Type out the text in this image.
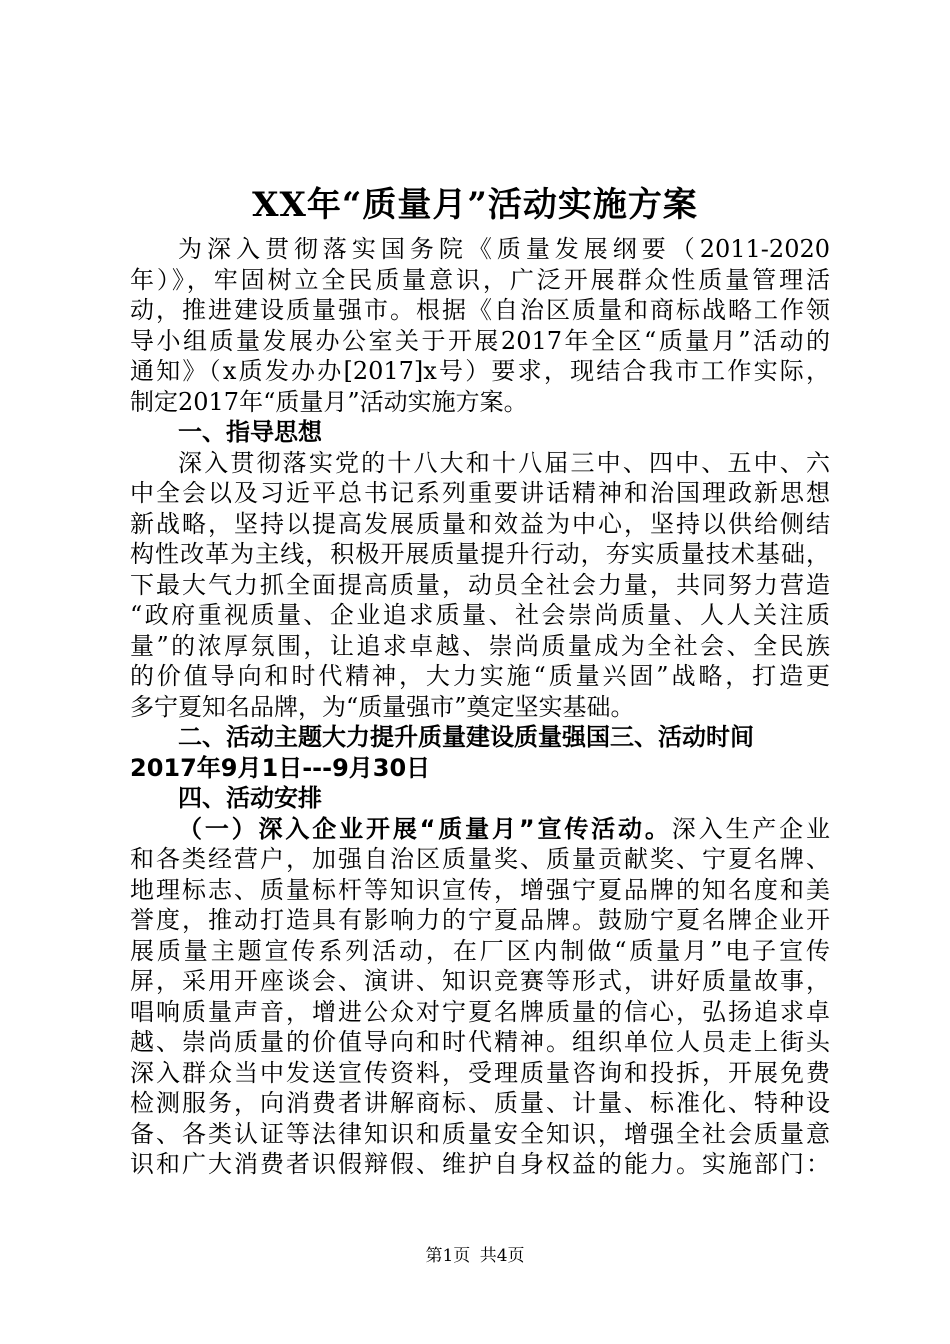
XX年“质量月”活动实施方案
为深入贯彻落实国务院《质量发展纲要（2011-2020
年）》，牢固树立全民质量意识，广泛开展群众性质量管理活
动，推进建设质量强市。根据《自治区质量和商标战略工作领
导小组质量发展办公室关于开展2017年全区“质量月”活动的
通知》（x质发办办[2017]x号）要求，现结合我市工作实际，
制定2017年“质量月”活动实施方案。
一、指导思想
深入贯彻落实党的十八大和十八届三中、四中、五中、六
中全会以及习近平总书记系列重要讲话精神和治国理政新思想
新战略，坚持以提高发展质量和效益为中心，坚持以供给侧结
构性改革为主线，积极开展质量提升行动，夯实质量技术基础，
下最大气力抓全面提高质量，动员全社会力量，共同努力营造
“政府重视质量、企业追求质量、社会崇尚质量、人人关注质
量”的浓厚氛围，让追求卓越、崇尚质量成为全社会、全民族
的价值导向和时代精神，大力实施“质量兴固”战略，打造更
多宁夏知名品牌，为“质量强市”奠定坚实基础。
二、活动主题大力提升质量建设质量强国三、活动时间
2017年9月1日---9月30日
四、活动安排
（一）深入企业开展“质量月”宣传活动。深入生产企业
和各类经营户，加强自治区质量奖、质量贡献奖、宁夏名牌、
地理标志、质量标杆等知识宣传，增强宁夏品牌的知名度和美
誉度，推动打造具有影响力的宁夏品牌。鼓励宁夏名牌企业开
展质量主题宣传系列活动，在厂区内制做“质量月”电子宣传
屏，采用开座谈会、演讲、知识竞赛等形式，讲好质量故事，
唱响质量声音，增进公众对宁夏名牌质量的信心，弘扬追求卓
越、崇尚质量的价值导向和时代精神。组织单位人员走上街头
深入群众当中发送宣传资料，受理质量咨询和投拆，开展免费
检测服务，向消费者讲解商标、质量、计量、标准化、特种设
备、各类认证等法律知识和质量安全知识，增强全社会质量意
识和广大消费者识假辩假、维护自身权益的能力。实施部门：
第1页 共4页
